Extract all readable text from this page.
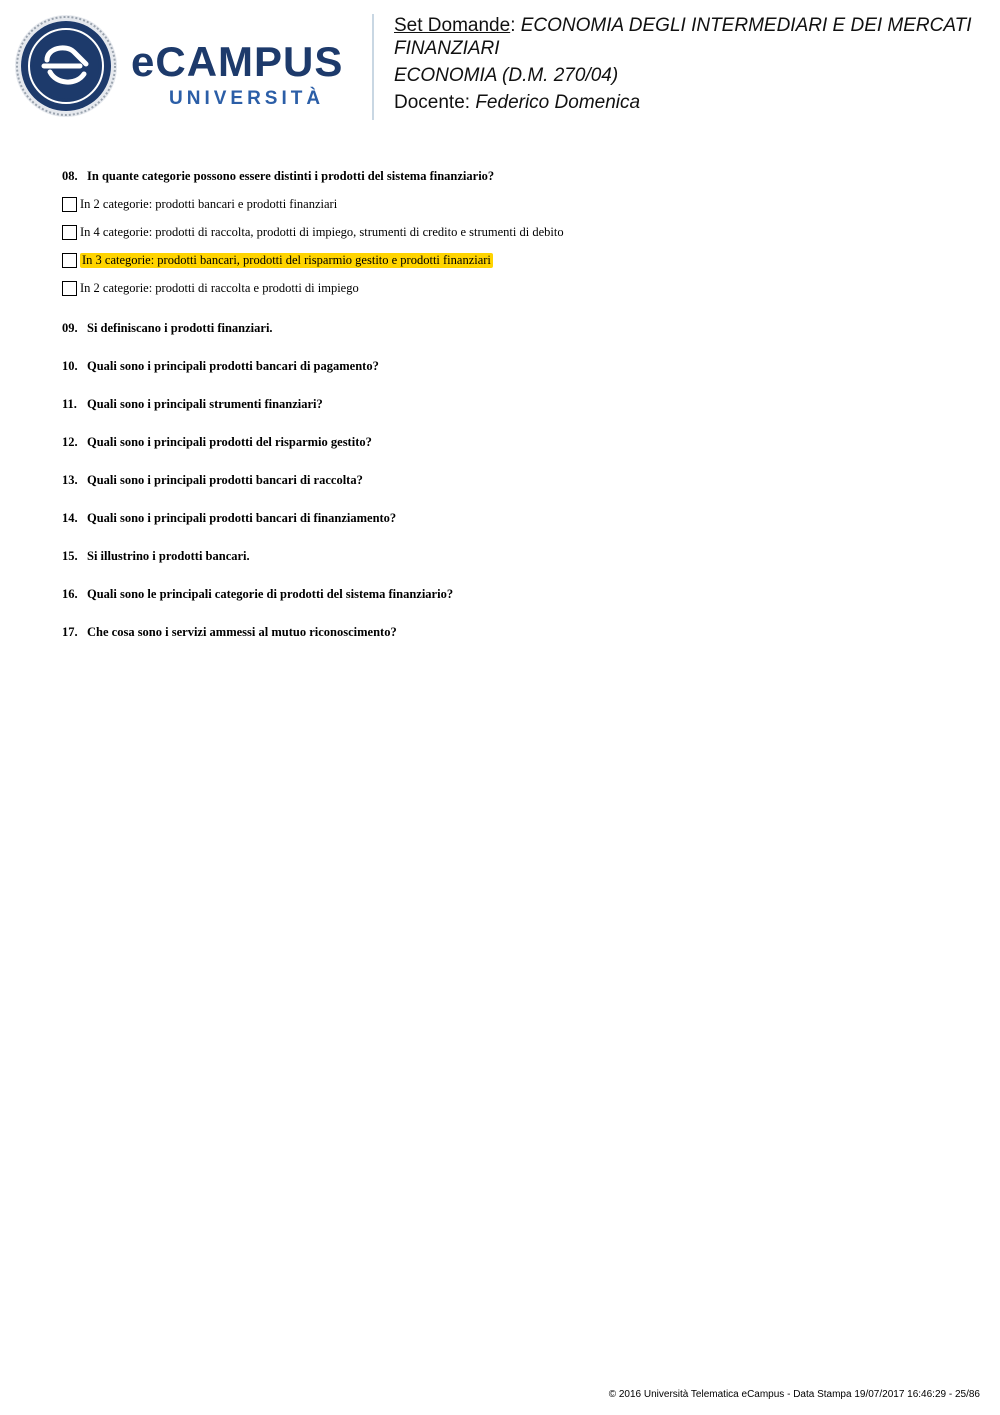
eCAMPUS
UNIVERSITÀ

Set Domande: ECONOMIA DEGLI INTERMEDIARI E DEI MERCATI FINANZIARI

ECONOMIA (D.M. 270/04)

Docente: Federico Domenica

08. In quante categorie possono essere distinti i prodotti del sistema finanziario?
In 2 categorie: prodotti bancari e prodotti finanziari
In 4 categorie: prodotti di raccolta, prodotti di impiego, strumenti di credito e strumenti di debito
In 3 categorie: prodotti bancari, prodotti del risparmio gestito e prodotti finanziari
In 2 categorie: prodotti di raccolta e prodotti di impiego
09. Si definiscano i prodotti finanziari.
10. Quali sono i principali prodotti bancari di pagamento?
11. Quali sono i principali strumenti finanziari?
12. Quali sono i principali prodotti del risparmio gestito?
13. Quali sono i principali prodotti bancari di raccolta?
14. Quali sono i principali prodotti bancari di finanziamento?
15. Si illustrino i prodotti bancari.
16. Quali sono le principali categorie di prodotti del sistema finanziario?
17. Che cosa sono i servizi ammessi al mutuo riconoscimento?
© 2016 Università Telematica eCampus - Data Stampa 19/07/2017 16:46:29 - 25/86
